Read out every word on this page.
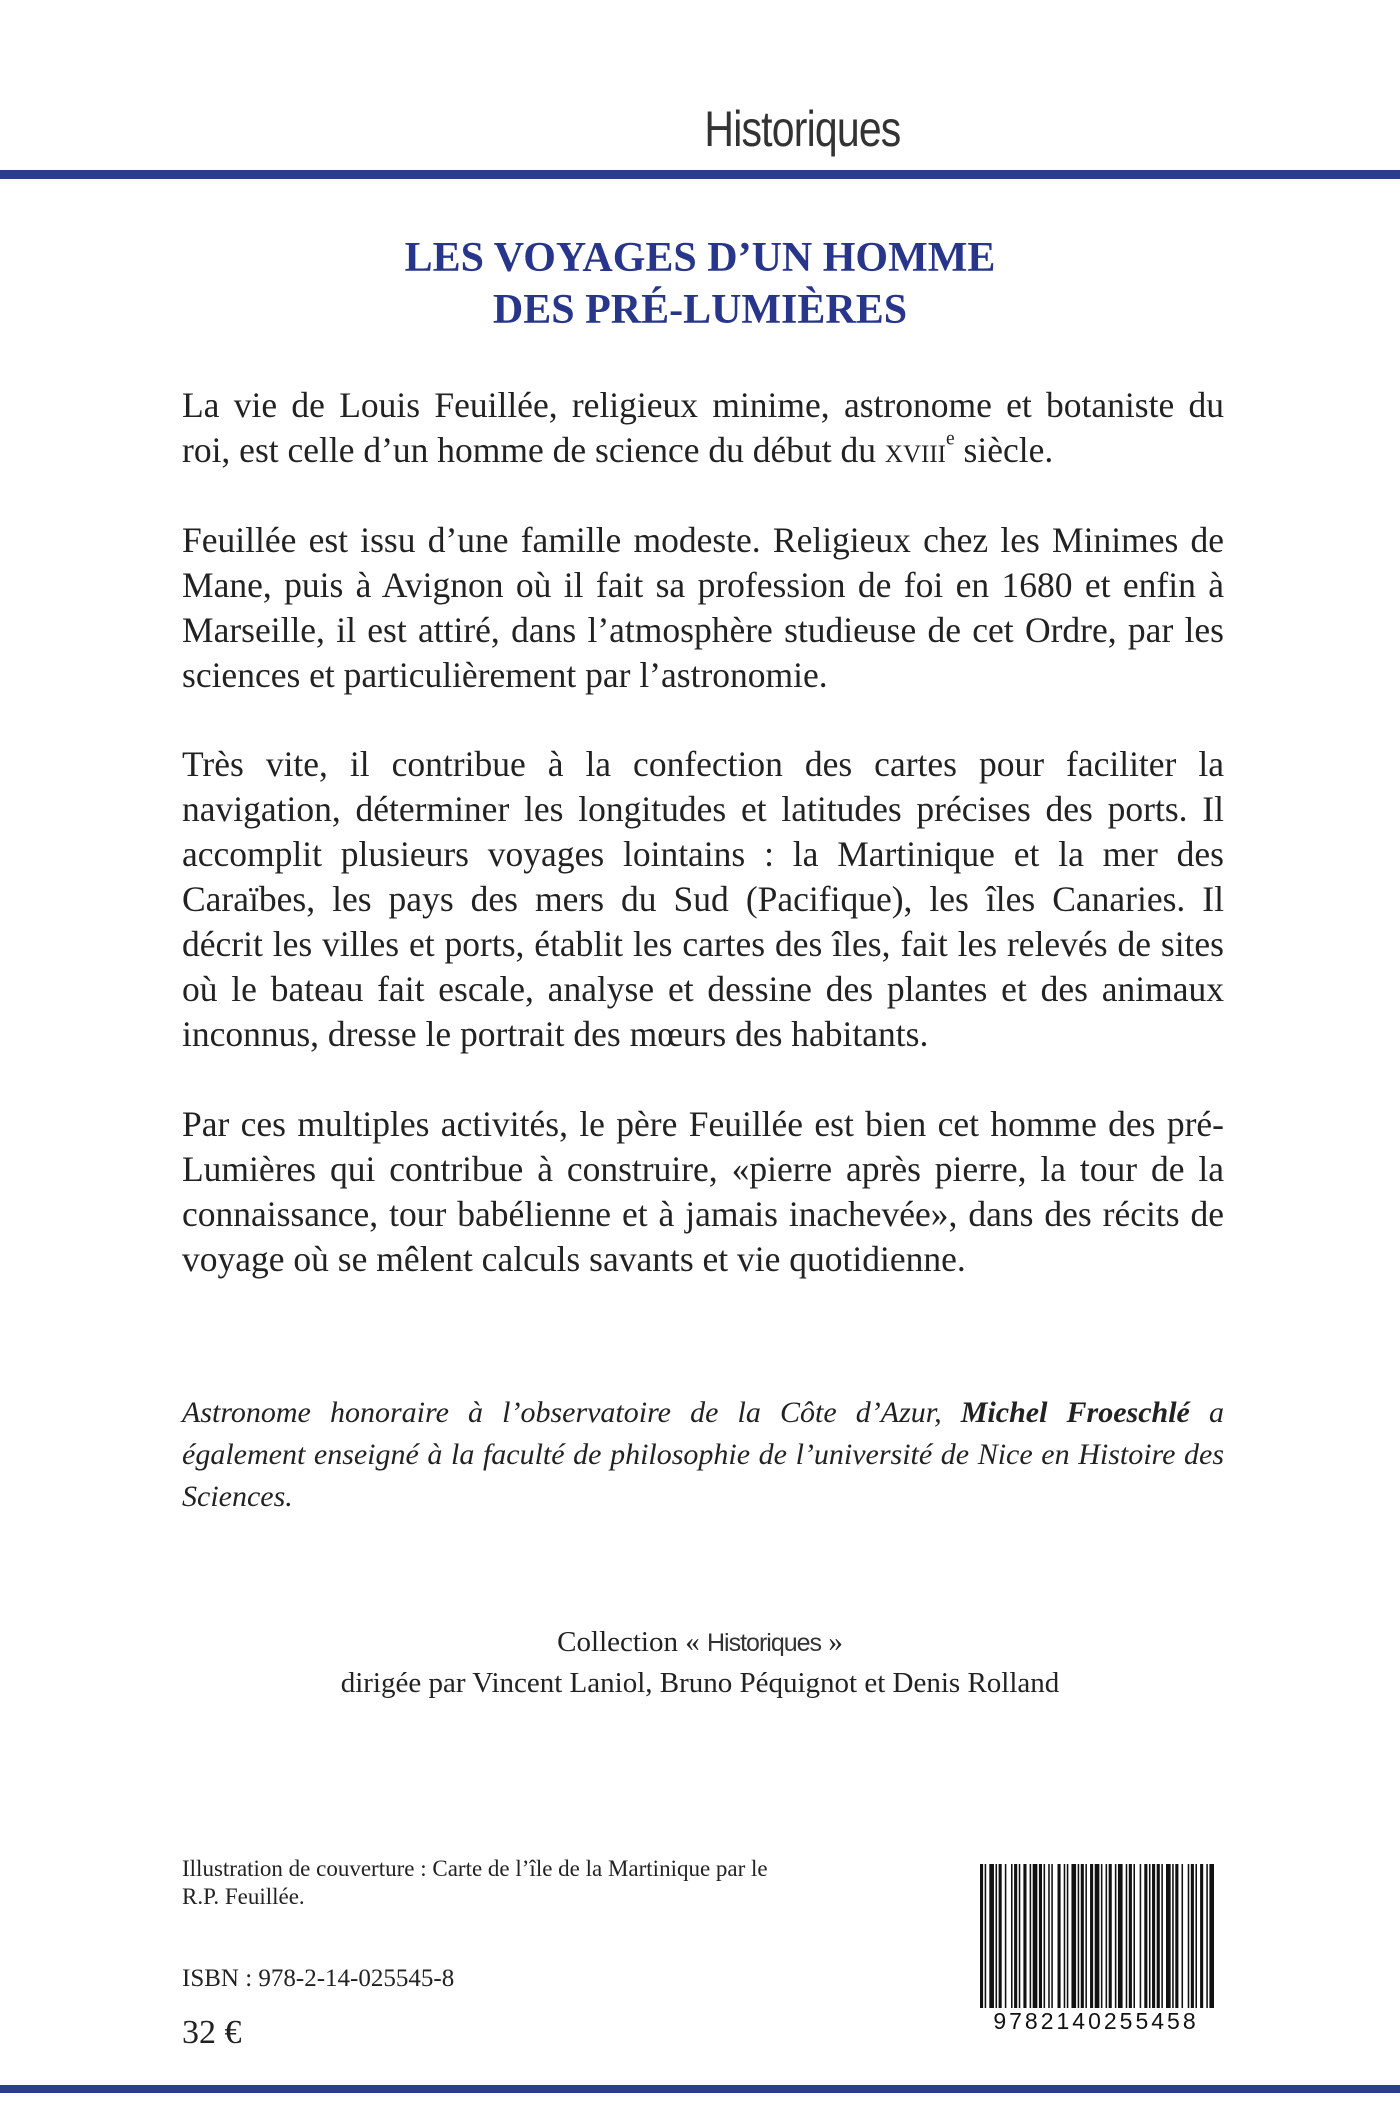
Historiques
LES VOYAGES D’UN HOMME
DES PRÉ-LUMIÈRES

La vie de Louis Feuillée, religieux minime, astronome et botaniste du roi, est celle d’un homme de science du début du xviii$^e$ siècle.

Feuillée est issu d’une famille modeste. Religieux chez les Minimes de Mane, puis à Avignon où il fait sa profession de foi en 1680 et enfin à Marseille, il est attiré, dans l’atmosphère studieuse de cet Ordre, par les sciences et particulièrement par l’astronomie.

Très vite, il contribue à la confection des cartes pour faciliter la navigation, déterminer les longitudes et latitudes précises des ports. Il accomplit plusieurs voyages lointains : la Martinique et la mer des Caraïbes, les pays des mers du Sud (Pacifique), les îles Canaries. Il décrit les villes et ports, établit les cartes des îles, fait les relevés de sites où le bateau fait escale, analyse et dessine des plantes et des animaux inconnus, dresse le portrait des mœurs des habitants.

Par ces multiples activités, le père Feuillée est bien cet homme des pré-Lumières qui contribue à construire, «pierre après pierre, la tour de la connaissance, tour babélienne et à jamais inachevée», dans des récits de voyage où se mêlent calculs savants et vie quotidienne.

Astronome honoraire à l’observatoire de la Côte d’Azur, Michel Froeschlé a également enseigné à la faculté de philosophie de l’université de Nice en Histoire des Sciences.
Collection « Historiques »
dirigée par Vincent Laniol, Bruno Péquignot et Denis Rolland
Illustration de couverture : Carte de l’île de la Martinique par le R.P. Feuillée.
ISBN : 978-2-14-025545-8
32 €	9782140255458
